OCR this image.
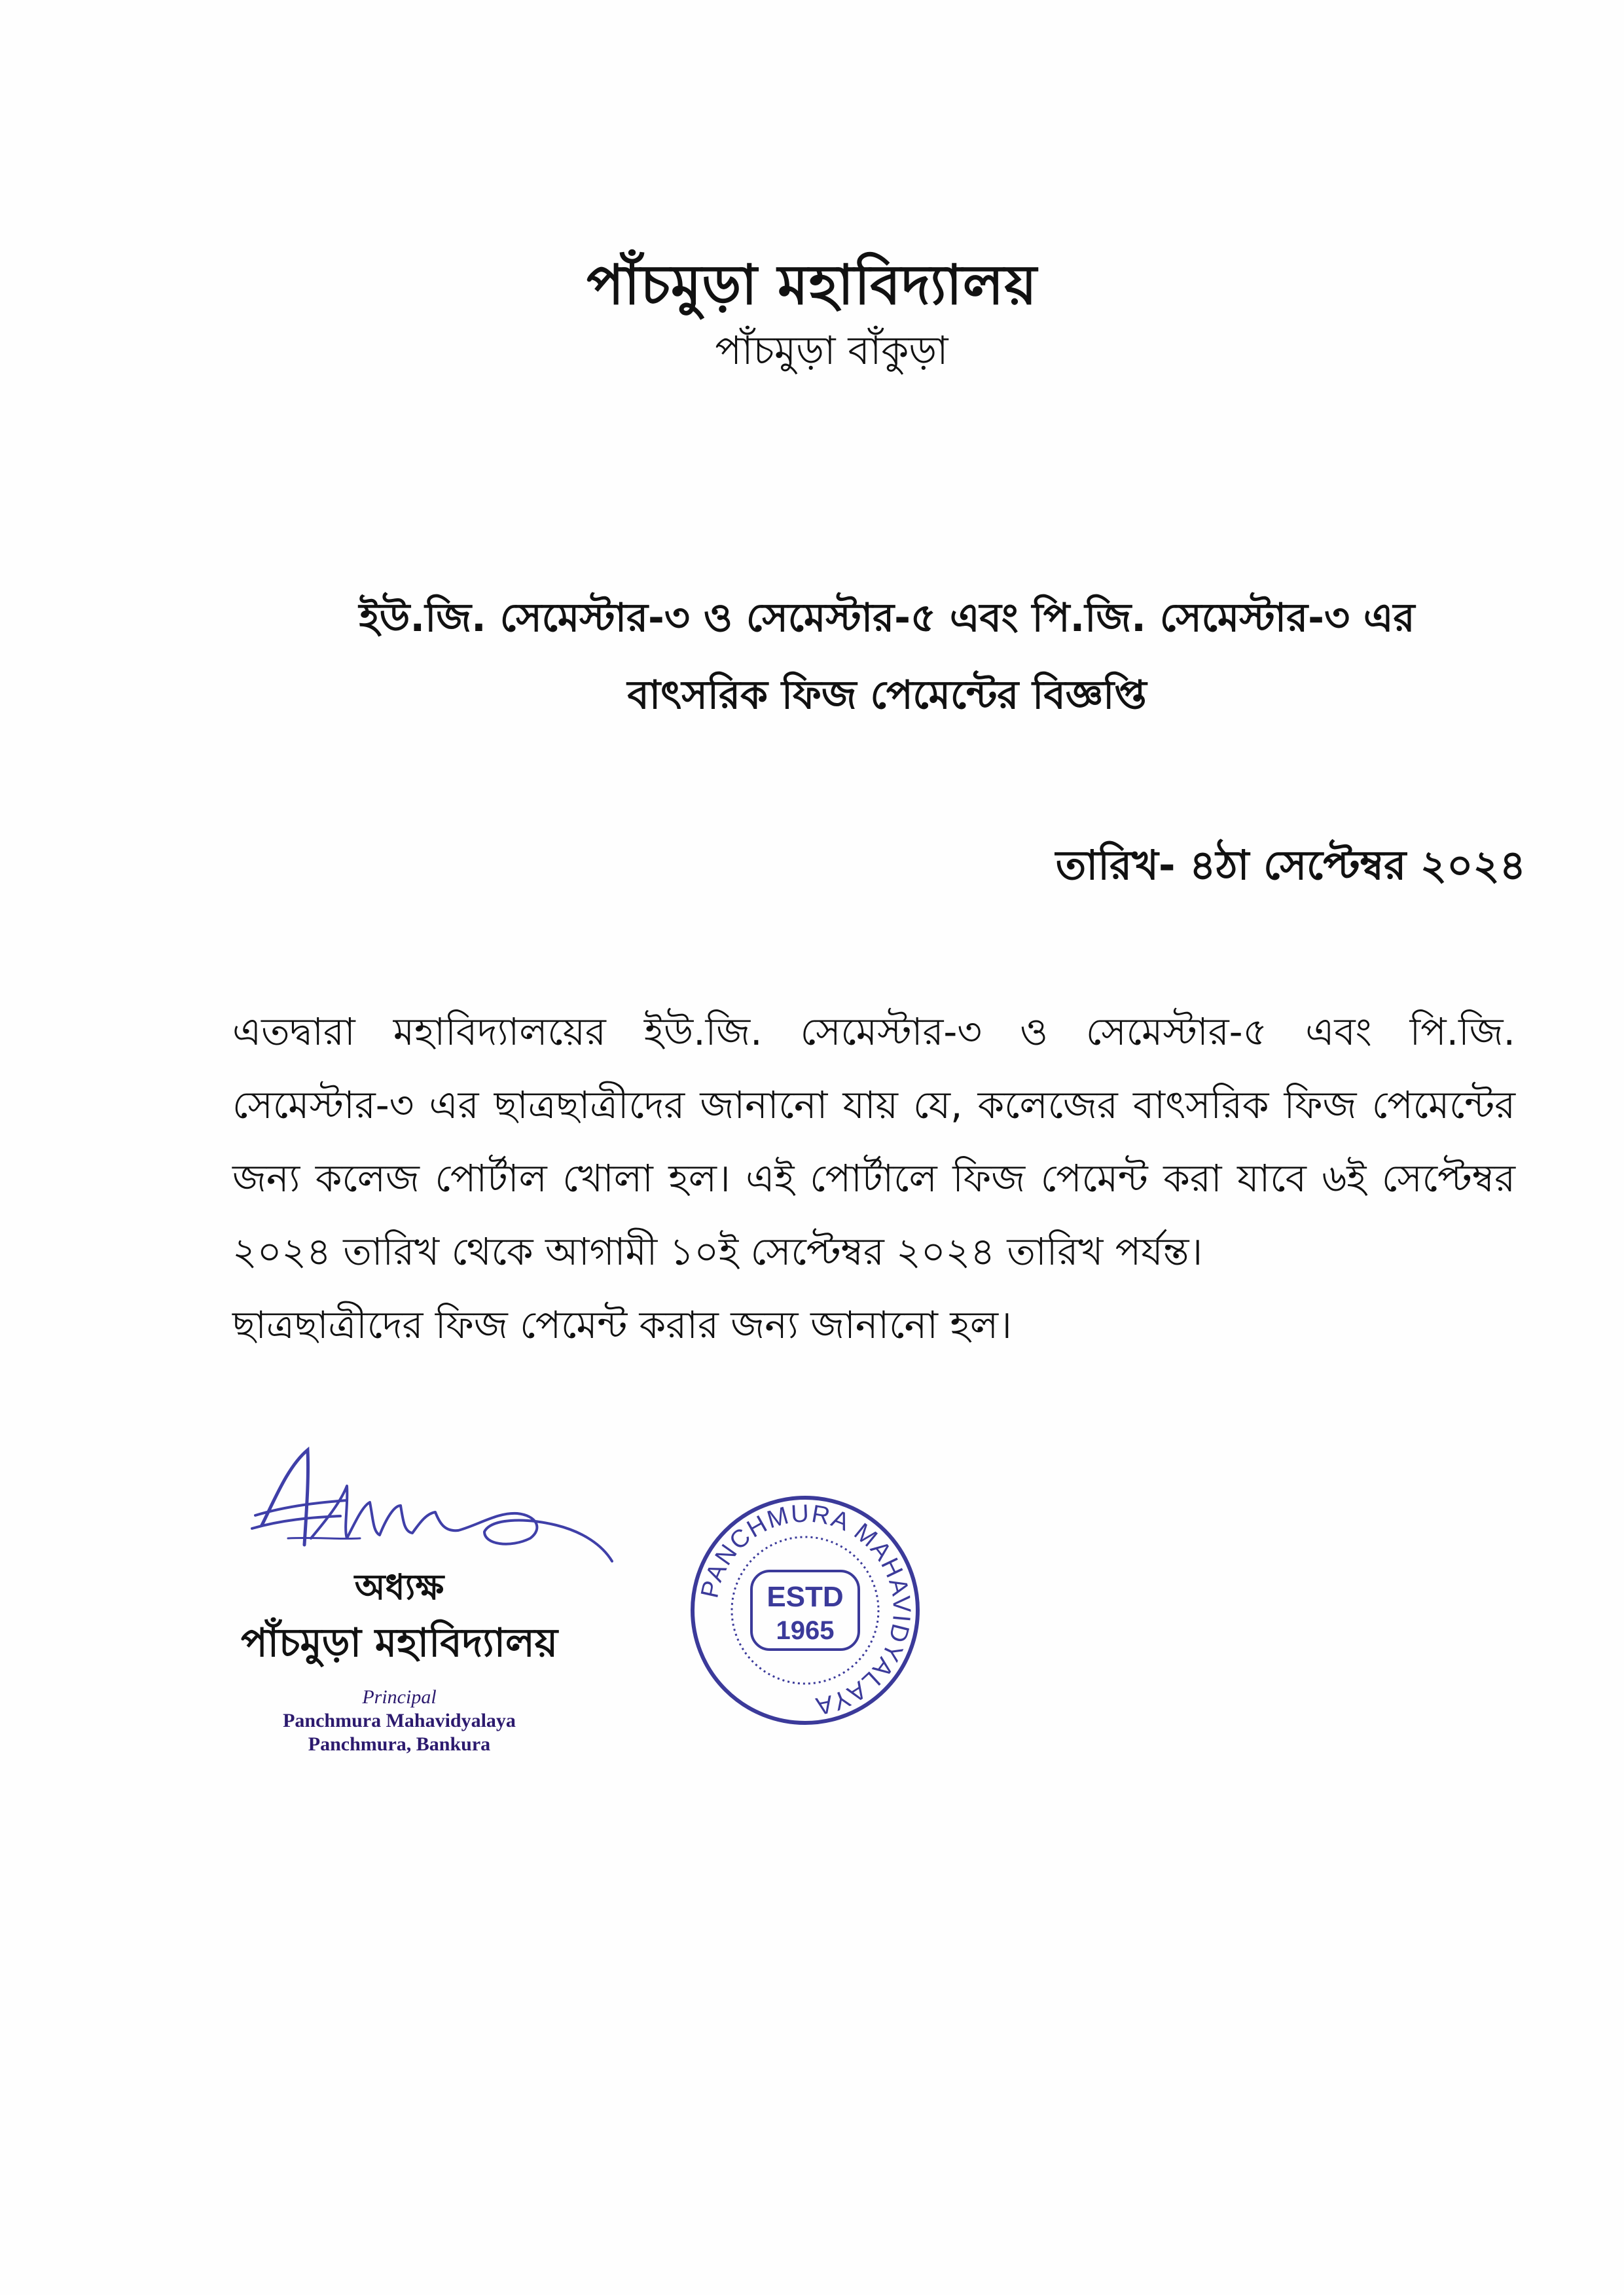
পাঁচমুড়া মহাবিদ্যালয়
পাঁচমুড়া বাঁকুড়া
ইউ.জি. সেমেস্টার-৩ ও সেমেস্টার-৫ এবং পি.জি. সেমেস্টার-৩ এর
বাৎসরিক ফিজ পেমেন্টের বিজ্ঞপ্তি
তারিখ- ৪ঠা সেপ্টেম্বর ২০২৪

এতদ্বারা মহাবিদ্যালয়ের ইউ.জি. সেমেস্টার-৩ ও সেমেস্টার-৫ এবং পি.জি. সেমেস্টার-৩ এর ছাত্রছাত্রীদের জানানো যায় যে, কলেজের বাৎসরিক ফিজ পেমেন্টের জন্য কলেজ পোর্টাল খোলা হল। এই পোর্টালে ফিজ পেমেন্ট করা যাবে ৬ই সেপ্টেম্বর ২০২৪ তারিখ থেকে আগামী ১০ই সেপ্টেম্বর ২০২৪ তারিখ পর্যন্ত।

ছাত্রছাত্রীদের ফিজ পেমেন্ট করার জন্য জানানো হল।

অধ্যক্ষ
পাঁচমুড়া মহাবিদ্যালয়
Principal
Panchmura Mahavidyalaya
Panchmura, Bankura
PANCHMURA MAHAVIDYALAYA
ESTD
1965
